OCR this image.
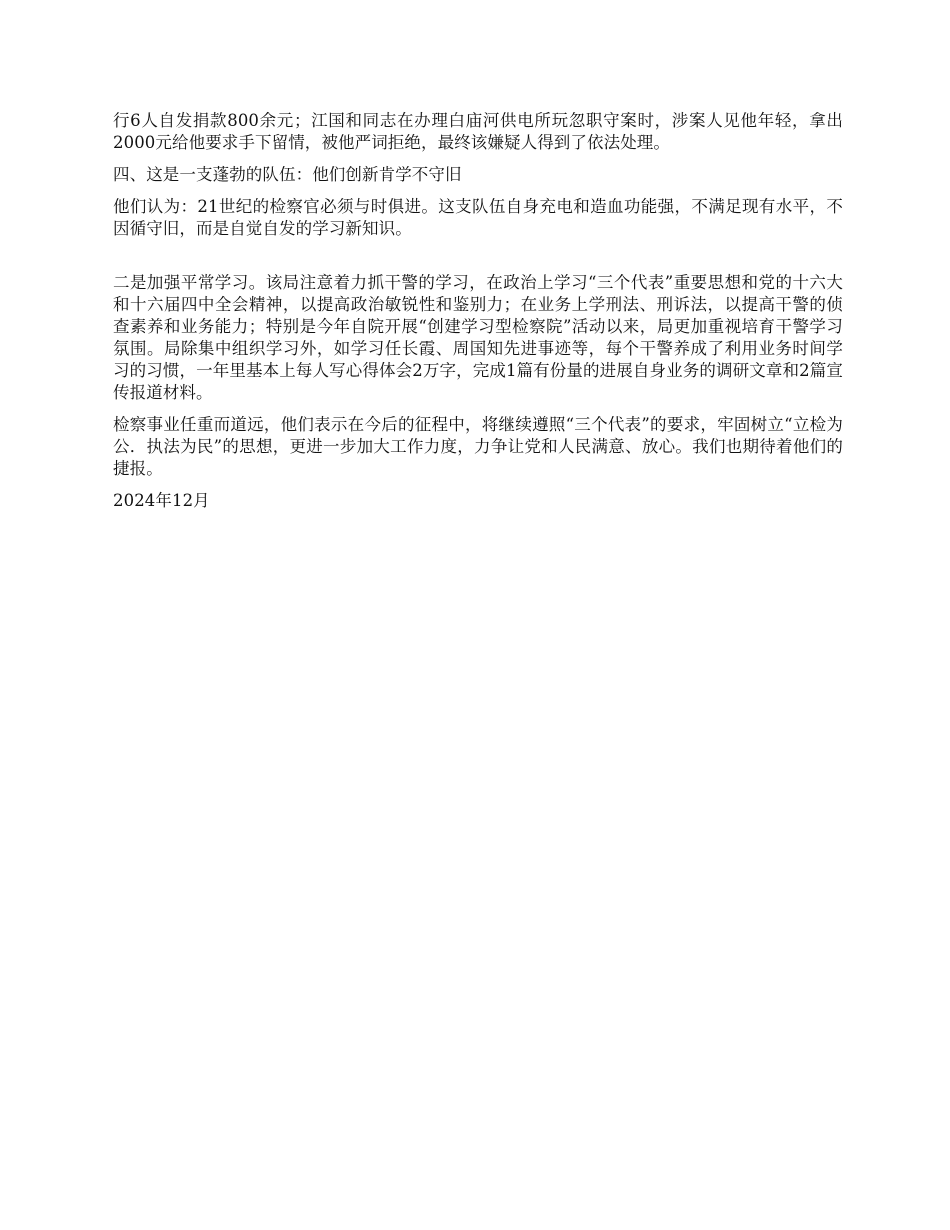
行6人自发捐款800余元；江国和同志在办理白庙河供电所玩忽职守案时，涉案人见他年轻，拿出2000元给他要求手下留情，被他严词拒绝，最终该嫌疑人得到了依法处理。

四、这是一支蓬勃的队伍：他们创新肯学不守旧

他们认为：21世纪的检察官必须与时俱进。这支队伍自身充电和造血功能强，不满足现有水平，不因循守旧，而是自觉自发的学习新知识。

二是加强平常学习。该局注意着力抓干警的学习，在政治上学习“三个代表”重要思想和党的十六大和十六届四中全会精神，以提高政治敏锐性和鉴别力；在业务上学刑法、刑诉法，以提高干警的侦查素养和业务能力；特别是今年自院开展“创建学习型检察院”活动以来，局更加重视培育干警学习氛围。局除集中组织学习外，如学习任长霞、周国知先进事迹等，每个干警养成了利用业务时间学习的习惯，一年里基本上每人写心得体会2万字，完成1篇有份量的进展自身业务的调研文章和2篇宣传报道材料。

检察事业任重而道远，他们表示在今后的征程中，将继续遵照“三个代表”的要求，牢固树立“立检为公．执法为民”的思想，更进一步加大工作力度，力争让党和人民满意、放心。我们也期待着他们的捷报。

2024年12月
